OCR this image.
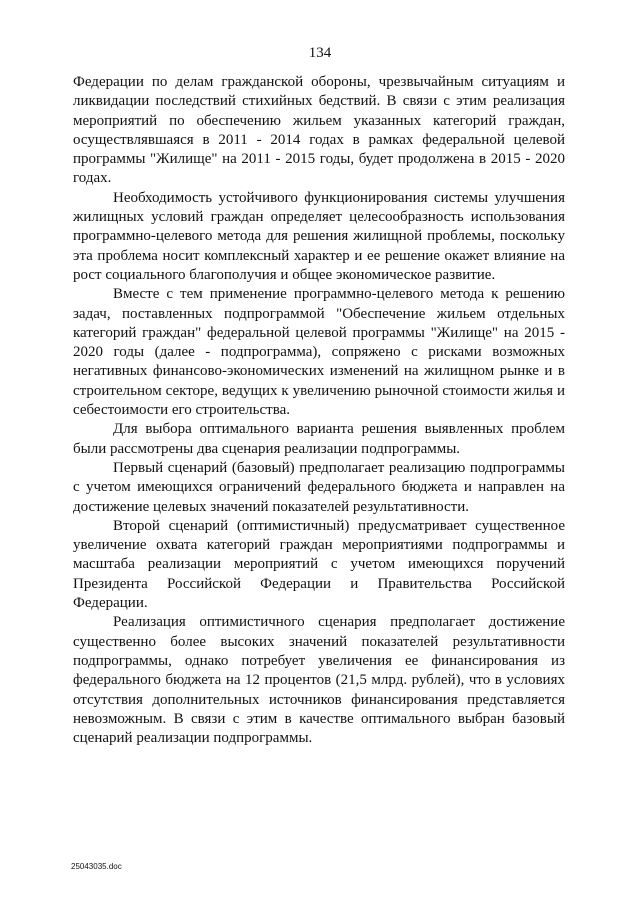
134

Федерации по делам гражданской обороны, чрезвычайным ситуациям и ликвидации последствий стихийных бедствий. В связи с этим реализация мероприятий по обеспечению жильем указанных категорий граждан, осуществлявшаяся в 2011 - 2014 годах в рамках федеральной целевой программы "Жилище" на 2011 - 2015 годы, будет продолжена в 2015 - 2020 годах.

Необходимость устойчивого функционирования системы улучшения жилищных условий граждан определяет целесообразность использования программно-целевого метода для решения жилищной проблемы, поскольку эта проблема носит комплексный характер и ее решение окажет влияние на рост социального благополучия и общее экономическое развитие.

Вместе с тем применение программно-целевого метода к решению задач, поставленных подпрограммой "Обеспечение жильем отдельных категорий граждан" федеральной целевой программы "Жилище" на 2015 - 2020 годы (далее - подпрограмма), сопряжено с рисками возможных негативных финансово-экономических изменений на жилищном рынке и в строительном секторе, ведущих к увеличению рыночной стоимости жилья и себестоимости его строительства.

Для выбора оптимального варианта решения выявленных проблем были рассмотрены два сценария реализации подпрограммы.

Первый сценарий (базовый) предполагает реализацию подпрограммы с учетом имеющихся ограничений федерального бюджета и направлен на достижение целевых значений показателей результативности.

Второй сценарий (оптимистичный) предусматривает существенное увеличение охвата категорий граждан мероприятиями подпрограммы и масштаба реализации мероприятий с учетом имеющихся поручений Президента Российской Федерации и Правительства Российской Федерации.

Реализация оптимистичного сценария предполагает достижение существенно более высоких значений показателей результативности подпрограммы, однако потребует увеличения ее финансирования из федерального бюджета на 12 процентов (21,5 млрд. рублей), что в условиях отсутствия дополнительных источников финансирования представляется невозможным. В связи с этим в качестве оптимального выбран базовый сценарий реализации подпрограммы.

25043035.doc
